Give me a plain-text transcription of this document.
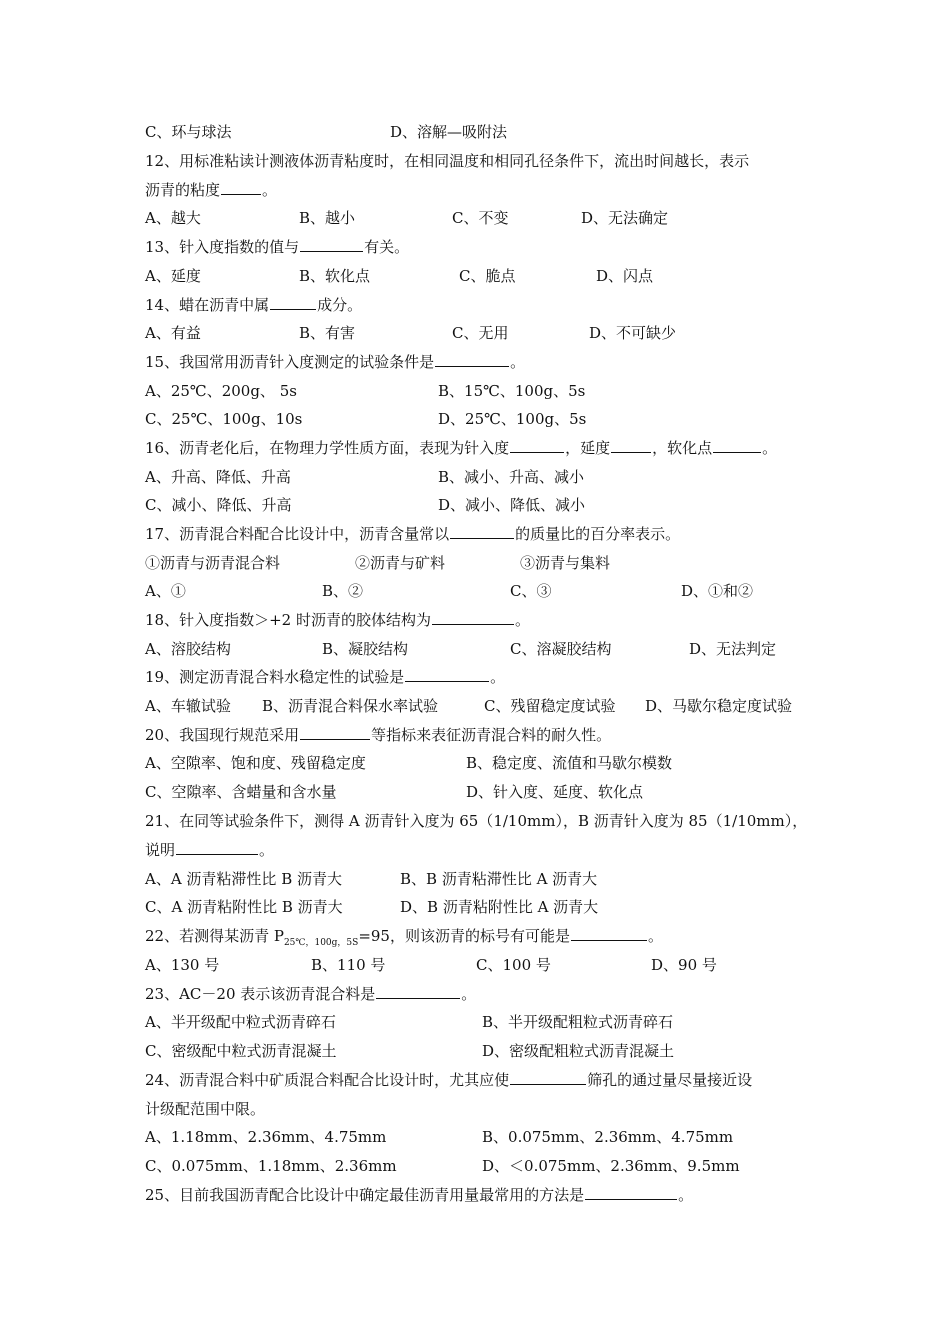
C、环与球法	D、溶解—吸附法
12、用标准粘读计测液体沥青粘度时，在相同温度和相同孔径条件下，流出时间越长，表示
沥青的粘度	。
A、越大	B、越小	C、不变	D、无法确定
13、针入度指数的值与	有关。
A、延度	B、软化点	C、脆点	D、闪点
14、蜡在沥青中属	成分。
A、有益	B、有害	C、无用	D、不可缺少
15、我国常用沥青针入度测定的试验条件是	。
A、25℃、200g、 5s	B、15℃、100g、5s
C、25℃、100g、10s	D、25℃、100g、5s
16、沥青老化后，在物理力学性质方面，表现为针入度	，延度	，软化点	。
A、升高、降低、升高	B、减小、升高、减小
C、减小、降低、升高	D、减小、降低、减小
17、沥青混合料配合比设计中，沥青含量常以	的质量比的百分率表示。
①沥青与沥青混合料	②沥青与矿料	③沥青与集料
A、①	B、②	C、③	D、①和②
18、针入度指数＞+2 时沥青的胶体结构为	。
A、溶胶结构	B、凝胶结构	C、溶凝胶结构	D、无法判定
19、测定沥青混合料水稳定性的试验是	。
A、车辙试验 B、沥青混合料保水率试验	C、残留稳定度试验 D、马歇尔稳定度试验
20、我国现行规范采用	等指标来表征沥青混合料的耐久性。
A、空隙率、饱和度、残留稳定度	B、稳定度、流值和马歇尔模数
C、空隙率、含蜡量和含水量	D、针入度、延度、软化点
21、在同等试验条件下，测得 A 沥青针入度为 65（1/10mm），B 沥青针入度为 85（1/10mm），
说明	。
A、A 沥青粘滞性比 B 沥青大	B、B 沥青粘滞性比 A 沥青大
C、A 沥青粘附性比 B 沥青大	D、B 沥青粘附性比 A 沥青大
22、若测得某沥青 $P_{25℃,100g,5S}=95$，则该沥青的标号有可能是	。
A、130 号	B、110 号	C、100 号	D、90 号
23、AC－20 表示该沥青混合料是	。
A、半开级配中粒式沥青碎石	B、半开级配粗粒式沥青碎石
C、密级配中粒式沥青混凝土	D、密级配粗粒式沥青混凝土
24、沥青混合料中矿质混合料配合比设计时，尤其应使	筛孔的通过量尽量接近设
计级配范围中限。
A、1.18mm、2.36mm、4.75mm	B、0.075mm、2.36mm、4.75mm
C、0.075mm、1.18mm、2.36mm	D、＜0.075mm、2.36mm、9.5mm
25、目前我国沥青配合比设计中确定最佳沥青用量最常用的方法是	。
